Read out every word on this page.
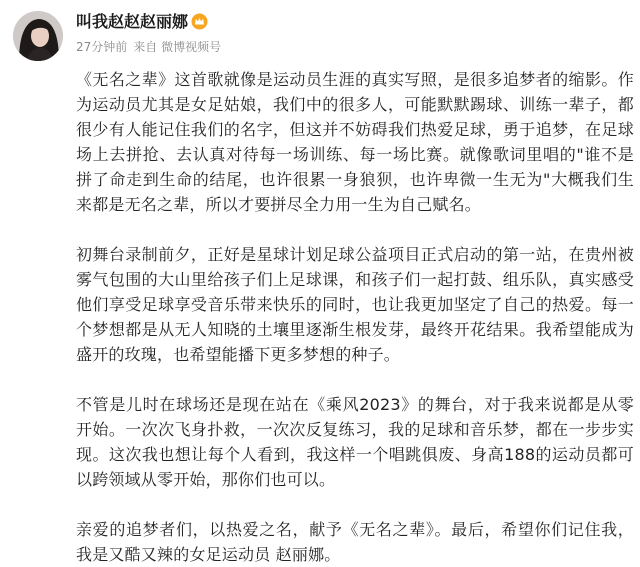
叫我赵赵赵丽娜
27分钟前 来自 微博视频号

《无名之辈》这首歌就像是运动员生涯的真实写照，是很多追梦者的缩影。作为运动员尤其是女足姑娘，我们中的很多人，可能默默踢球、训练一辈子，都很少有人能记住我们的名字，但这并不妨碍我们热爱足球，勇于追梦，在足球场上去拼抢、去认真对待每一场训练、每一场比赛。就像歌词里唱的"谁不是拼了命走到生命的结尾，也许很累一身狼狈，也许卑微一生无为"大概我们生来都是无名之辈，所以才要拼尽全力用一生为自己赋名。

初舞台录制前夕，正好是星球计划足球公益项目正式启动的第一站，在贵州被雾气包围的大山里给孩子们上足球课，和孩子们一起打鼓、组乐队，真实感受他们享受足球享受音乐带来快乐的同时，也让我更加坚定了自己的热爱。每一个梦想都是从无人知晓的土壤里逐渐生根发芽，最终开花结果。我希望能成为盛开的玫瑰，也希望能播下更多梦想的种子。

不管是儿时在球场还是现在站在《乘风2023》的舞台，对于我来说都是从零开始。一次次飞身扑救，一次次反复练习，我的足球和音乐梦，都在一步步实现。这次我也想让每个人看到，我这样一个唱跳俱废、身高188的运动员都可以跨领域从零开始，那你们也可以。

亲爱的追梦者们，以热爱之名，献予《无名之辈》。最后，希望你们记住我，我是又酷又辣的女足运动员 赵丽娜。
